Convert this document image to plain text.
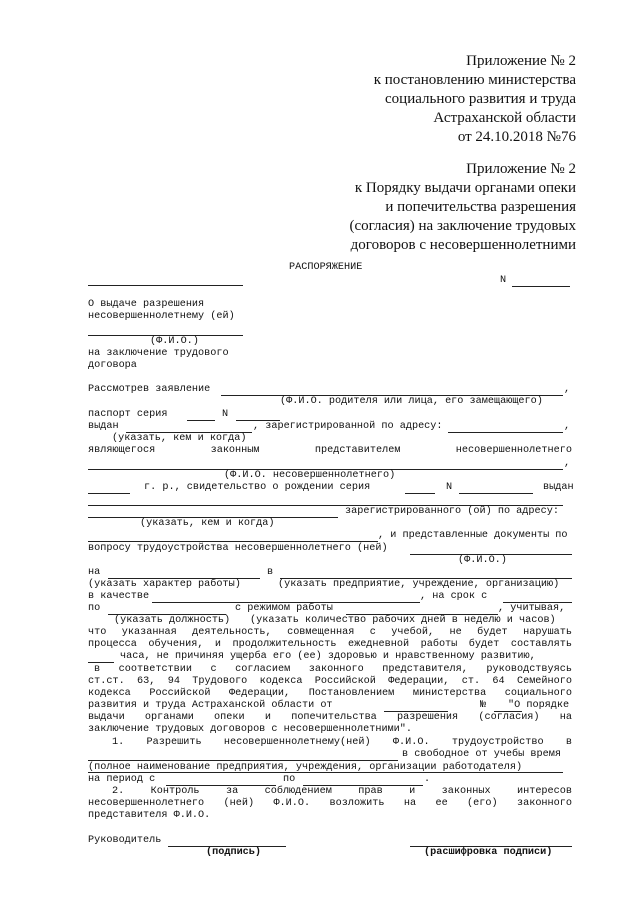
Приложение № 2
к постановлению министерства
социального развития и труда
Астраханской области
от 24.10.2018 №76
Приложение № 2
к Порядку выдачи органами опеки
и попечительства разрешения
(согласия) на заключение трудовых
договоров с несовершеннолетними
РАСПОРЯЖЕНИЕ
N
О выдаче разрешения
несовершеннолетнему (ей)
(Ф.И.О.)
на заключение трудового
договора
Рассмотрев заявление	,
(Ф.И.О. родителя или лица, его замещающего)
паспорт серия	N
выдан	, зарегистрированной по адресу:	,
(указать, кем и когда)
являющегося	законным	представителем	несовершеннолетнего
,
(Ф.И.О. несовершеннолетнего)
г. р., свидетельство о рождении серия	N	выдан
зарегистрированного (ой) по адресу:
(указать, кем и когда)
, и представленные документы по
вопросу трудоустройства несовершеннолетнего (ней)
(Ф.И.О.)
на	в
(указать характер работы)	(указать предприятие, учреждение, организацию)
в качестве	, на срок с
по	с режимом работы	, учитывая,
(указать должность) (указать количество рабочих дней в неделю и часов)
что указанная деятельность, совмещенная с учебой, не будет нарушать
процесса обучения, и продолжительность ежедневной работы будет составлять
часа, не причиняя ущерба его (ее) здоровью и нравственному развитию,
в соответствии с согласием законного представителя, руководствуясь
ст.ст. 63, 94 Трудового кодекса Российской Федерации, ст. 64 Семейного
кодекса Российской Федерации, Постановлением министерства социального
развития и труда Астраханской области от	№ "О порядке
выдачи органами опеки и попечительства разрешения (согласия) на
заключение трудовых договоров с несовершеннолетними".
1. Разрешить несовершеннолетнему(ней) Ф.И.О. трудоустройство в
в свободное от учебы время
(полное наименование предприятия, учреждения, организации работодателя)
на период с	по	.
2. Контроль за соблюдением прав и законных интересов
несовершеннолетнего (ней) Ф.И.О. возложить на ее (его) законного
представителя Ф.И.О.
Руководитель
(подпись)	(расшифровка подписи)
